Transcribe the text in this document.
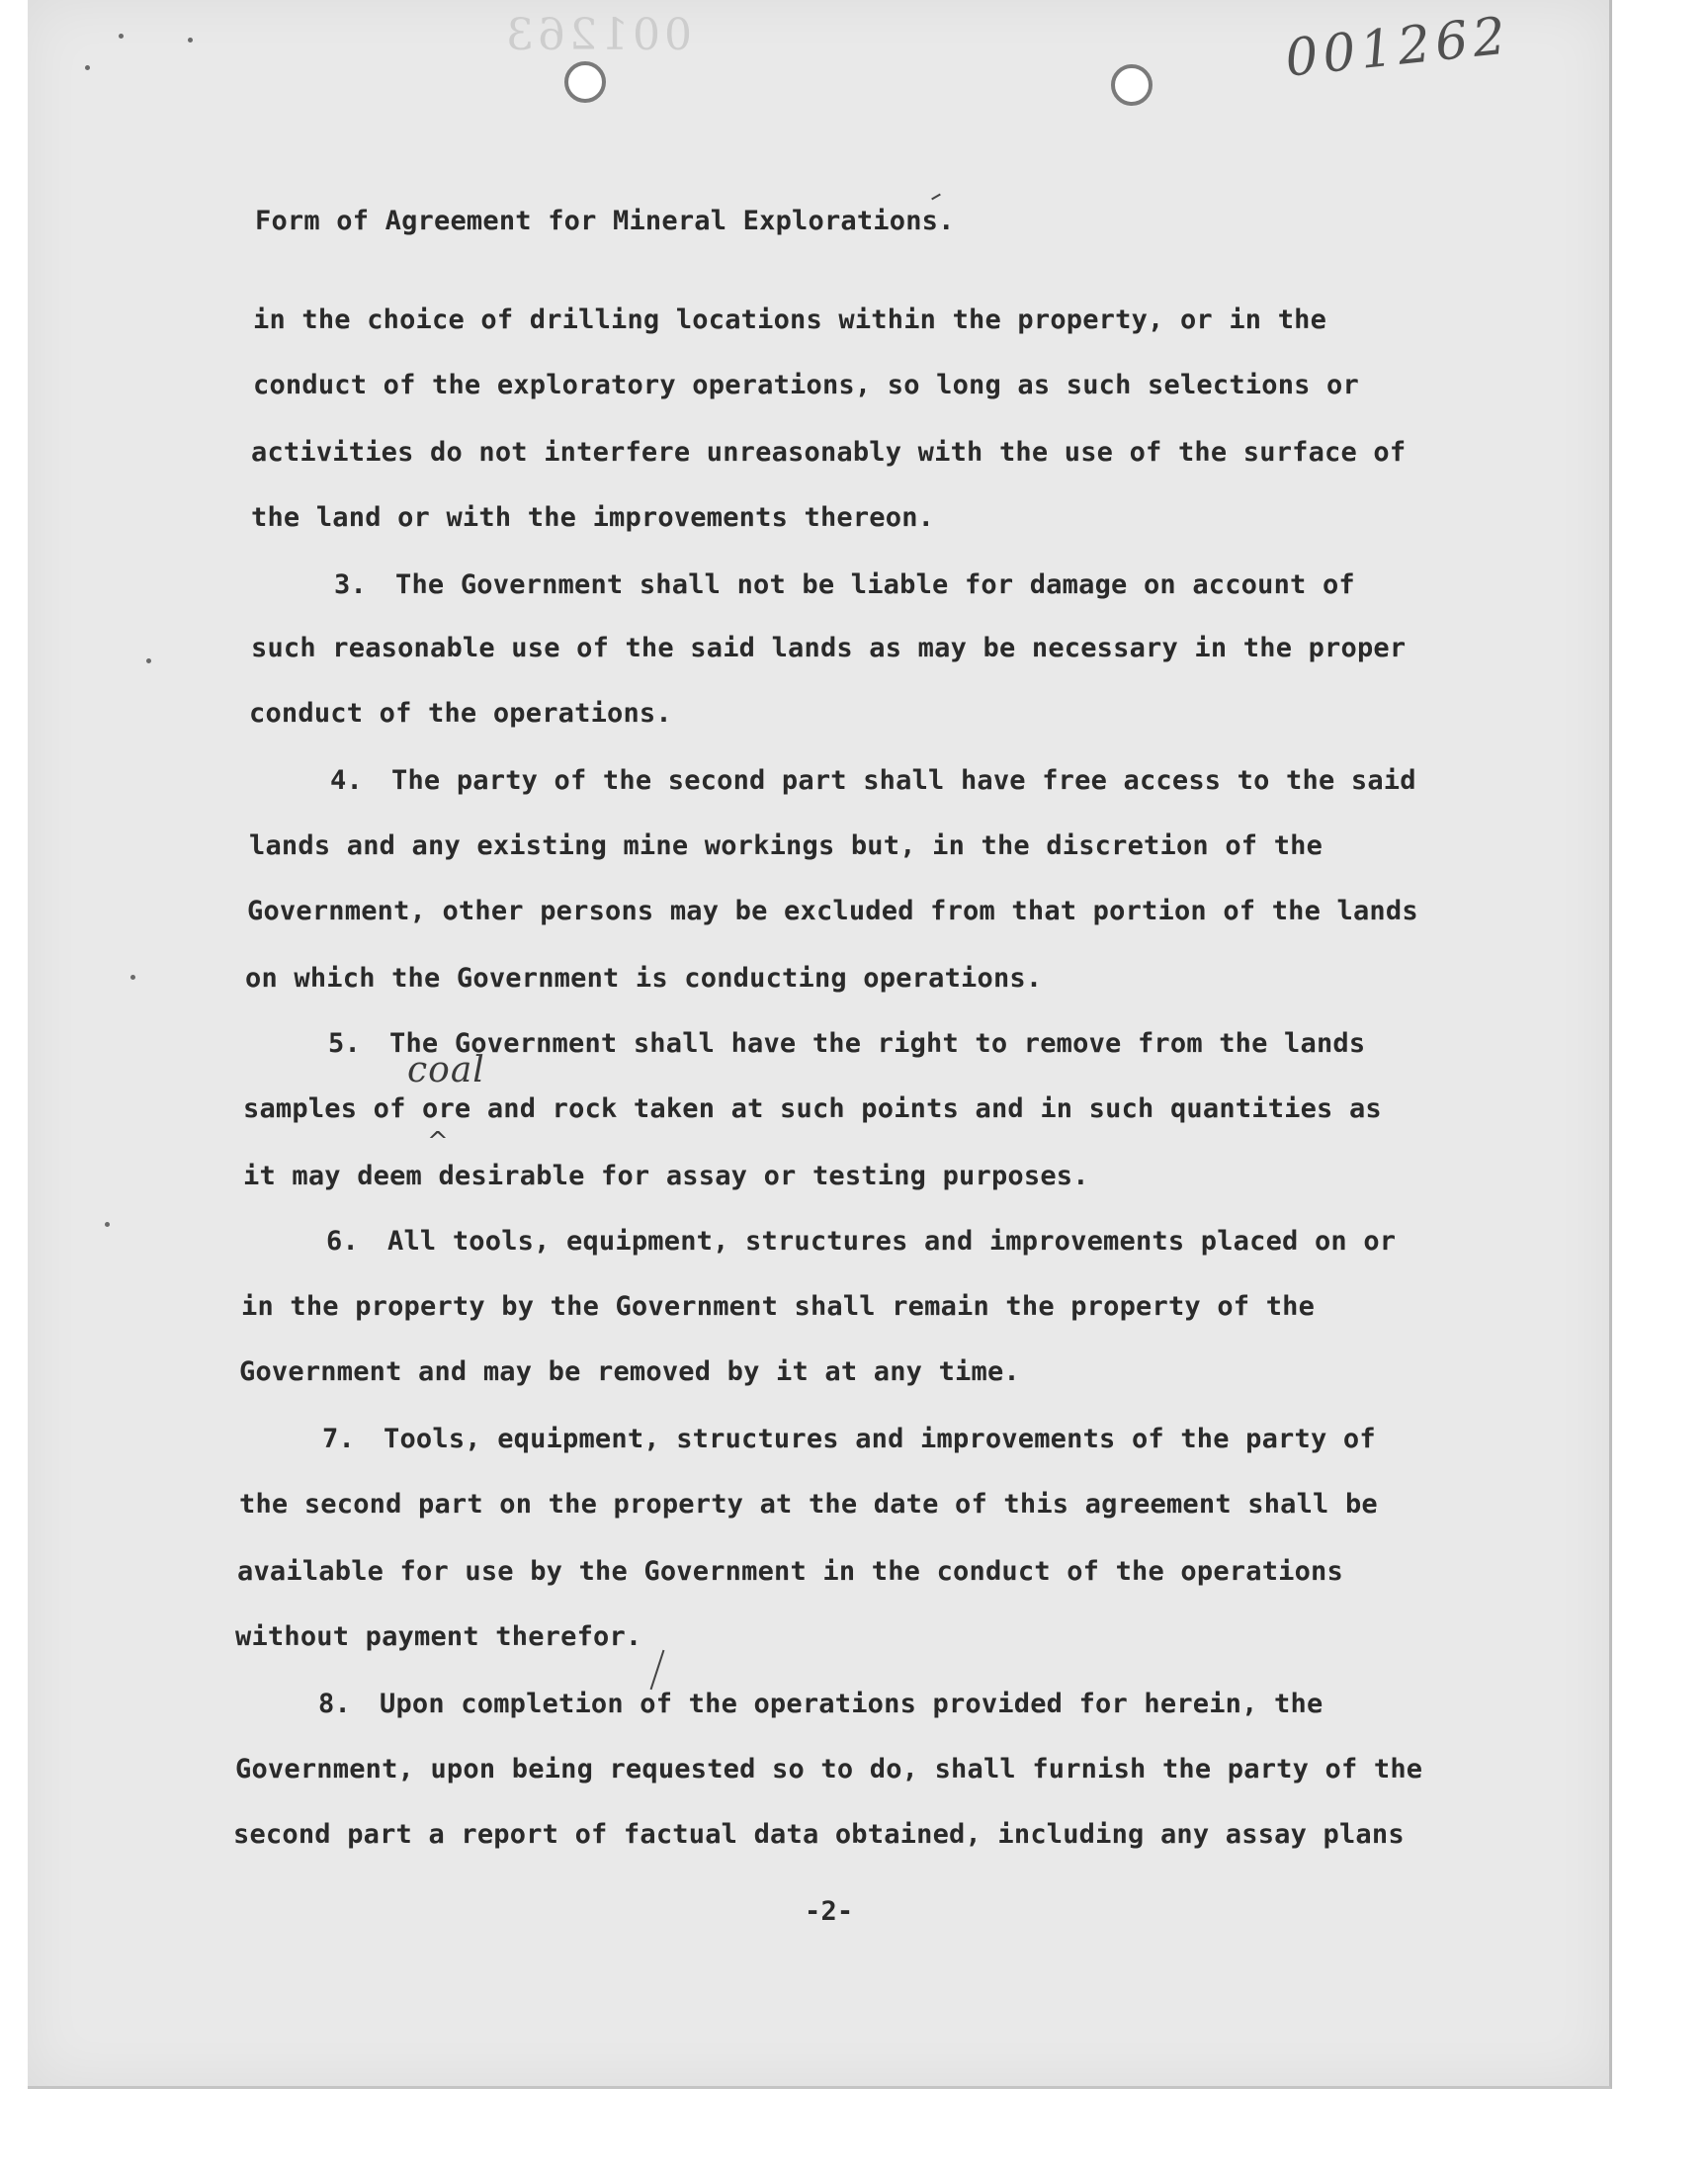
001263	001262

Form of Agreement for Mineral Explorations.

in the choice of drilling locations within the property, or in the

conduct of the exploratory operations, so long as such selections or

activities do not interfere unreasonably with the use of the surface of

the land or with the improvements thereon.

3. The Government shall not be liable for damage on account of

such reasonable use of the said lands as may be necessary in the proper

conduct of the operations.

4. The party of the second part shall have free access to the said

lands and any existing mine workings but, in the discretion of the

Government, other persons may be excluded from that portion of the lands

on which the Government is conducting operations.

5. The Government shall have the right to remove from the lands

samples of ore and rock taken at such points and in such quantities as

it may deem desirable for assay or testing purposes.

6. All tools, equipment, structures and improvements placed on or

in the property by the Government shall remain the property of the

Government and may be removed by it at any time.

7. Tools, equipment, structures and improvements of the party of

the second part on the property at the date of this agreement shall be

available for use by the Government in the conduct of the operations

without payment therefor.

8. Upon completion of the operations provided for herein, the

Government, upon being requested so to do, shall furnish the party of the

second part a report of factual data obtained, including any assay plans

-2-

coal
^
